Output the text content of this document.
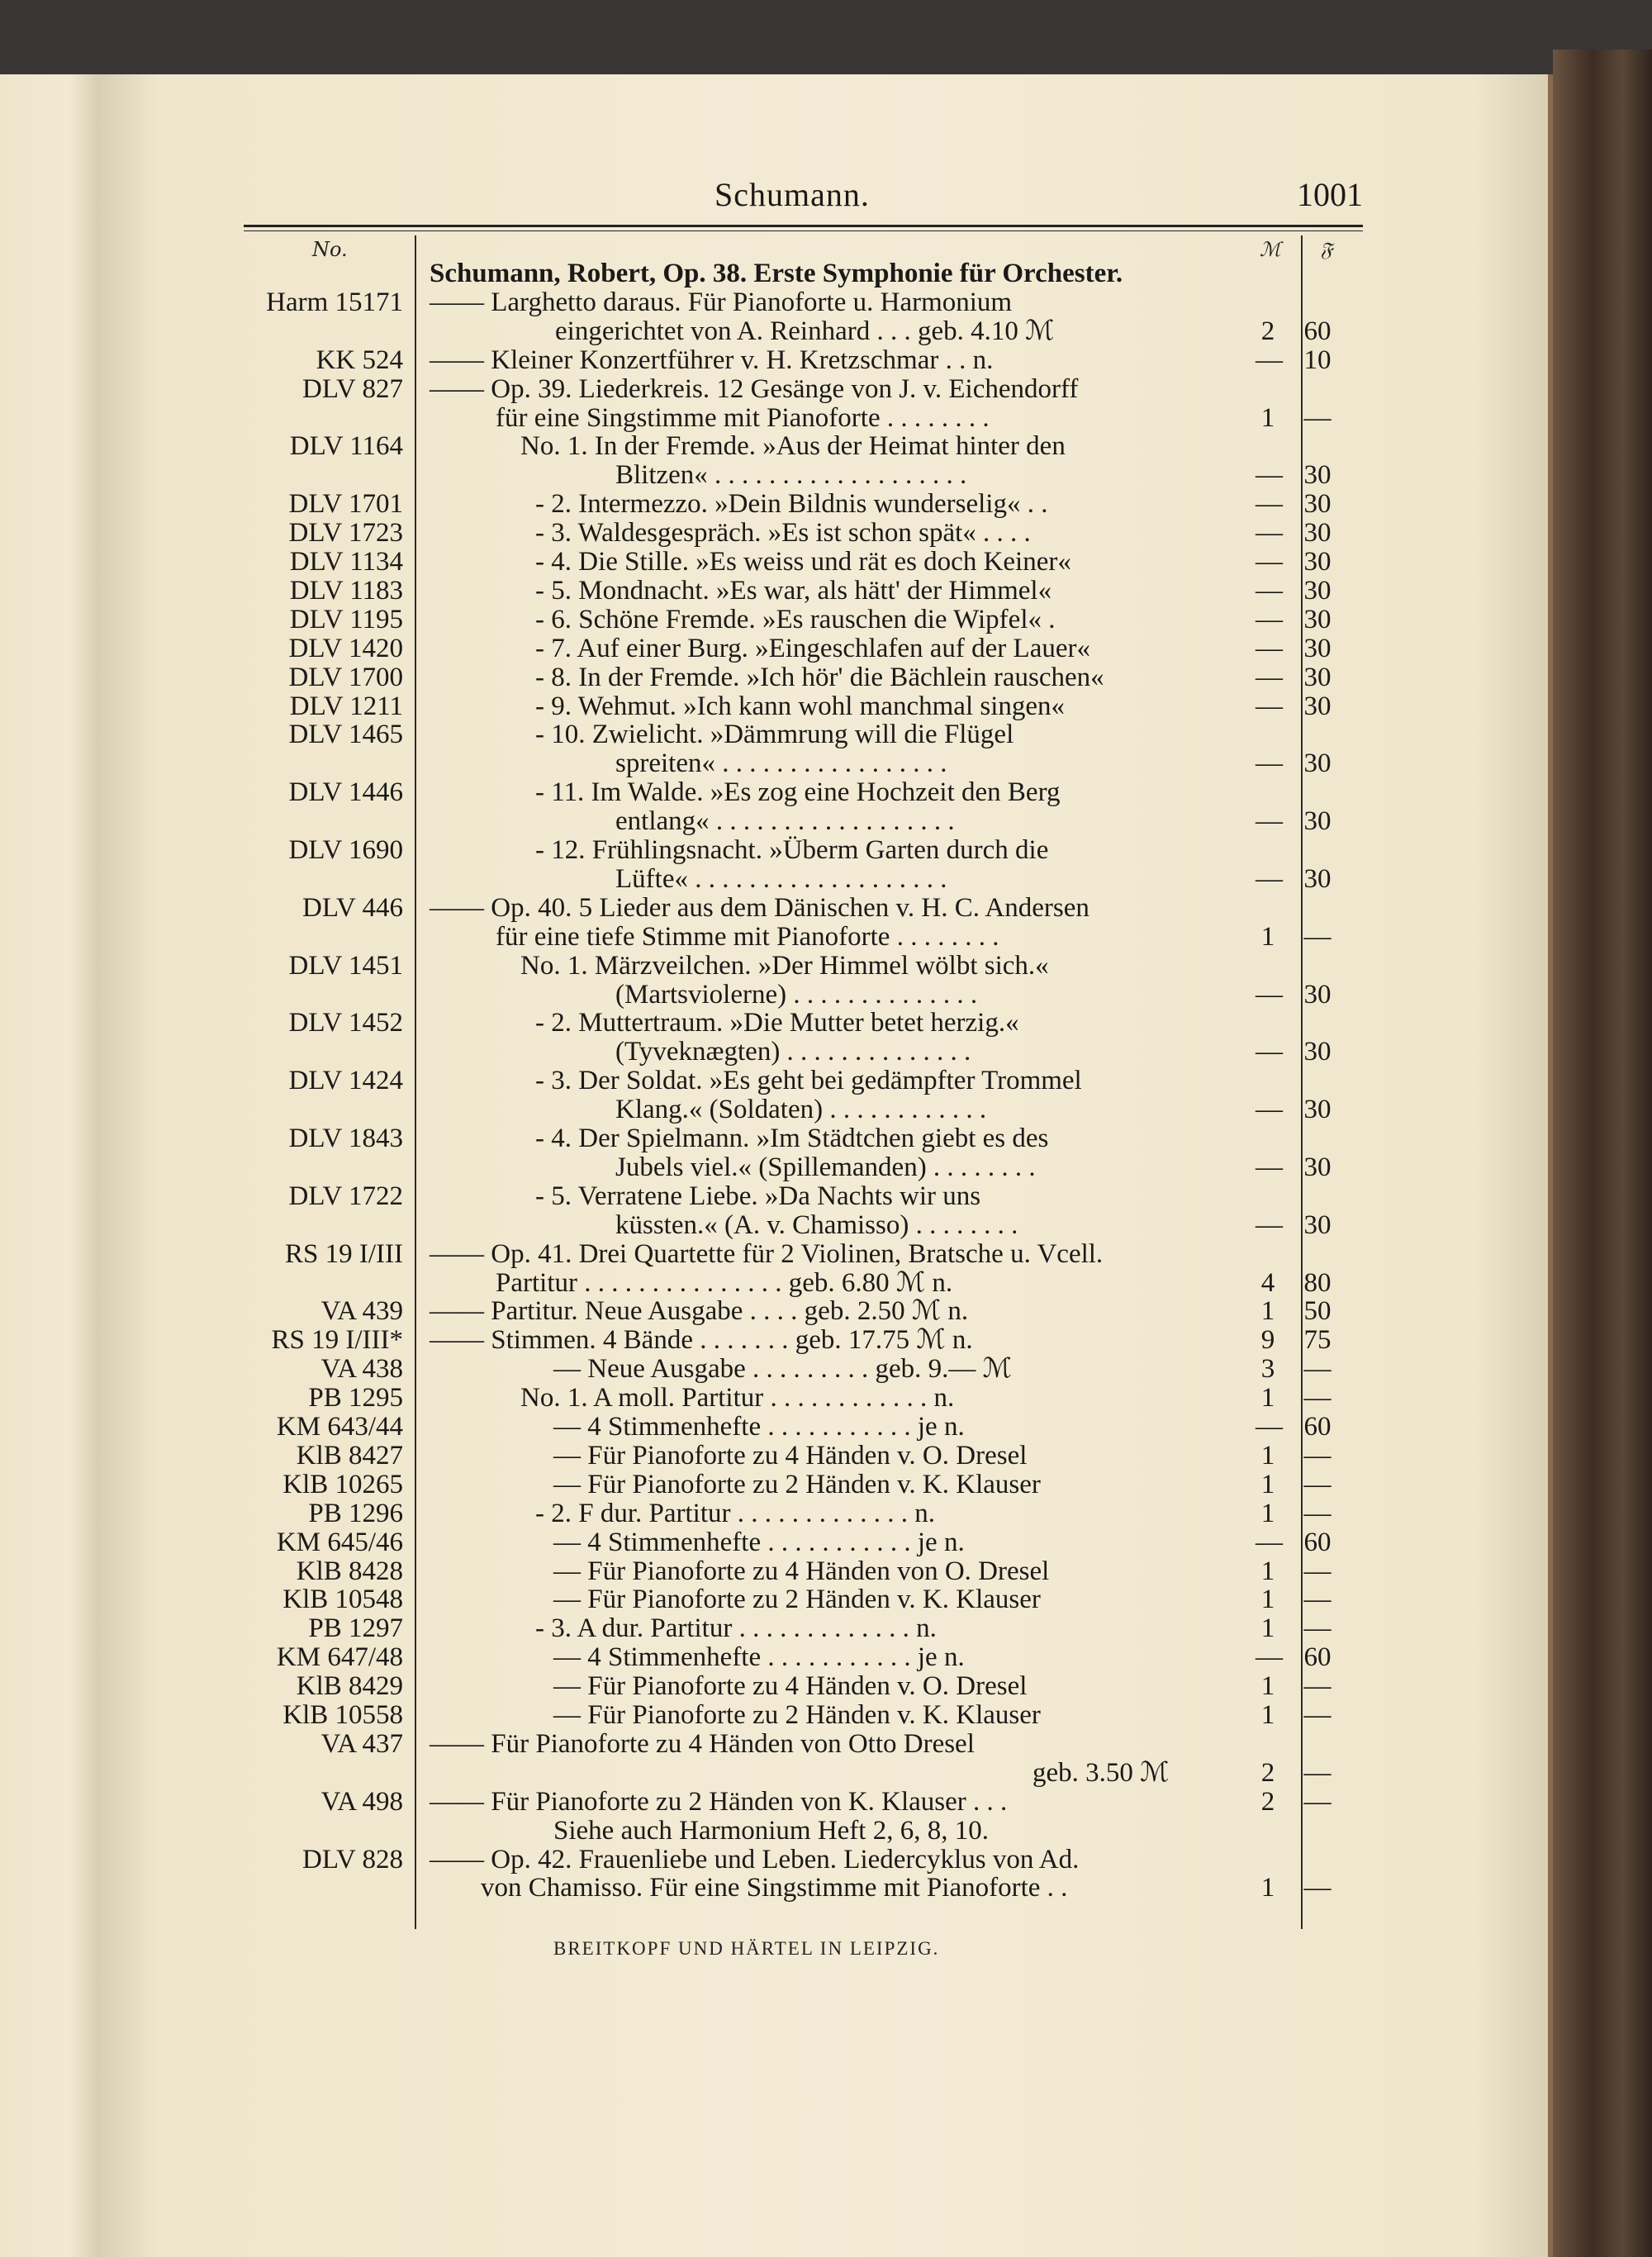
Schumann.	1001
No.	ℳ 𝔉
Schumann, Robert, Op. 38. Erste Symphonie für Orchester.
Harm 15171 —— Larghetto daraus. Für Pianoforte u. Harmonium
eingerichtet von A. Reinhard . . . geb. 4.10 ℳ	2	60
KK 524 —— Kleiner Konzertführer v. H. Kretzschmar . . n.	— 10
DLV 827 —— Op. 39. Liederkreis. 12 Gesänge von J. v. Eichendorff
für eine Singstimme mit Pianoforte . . . . . . . .	1	—
DLV 1164	No. 1. In der Fremde. »Aus der Heimat hinter den
Blitzen« . . . . . . . . . . . . . . . . . . .	— 30
DLV 1701	- 2. Intermezzo. »Dein Bildnis wunderselig« . .	— 30
DLV 1723	- 3. Waldesgespräch. »Es ist schon spät« . . . .	— 30
DLV 1134	- 4. Die Stille. »Es weiss und rät es doch Keiner«	— 30
DLV 1183	- 5. Mondnacht. »Es war, als hätt' der Himmel«	— 30
DLV 1195	- 6. Schöne Fremde. »Es rauschen die Wipfel« .	— 30
DLV 1420	- 7. Auf einer Burg. »Eingeschlafen auf der Lauer«	— 30
DLV 1700	- 8. In der Fremde. »Ich hör' die Bächlein rauschen«	— 30
DLV 1211	- 9. Wehmut. »Ich kann wohl manchmal singen«	— 30
DLV 1465	- 10. Zwielicht. »Dämmrung will die Flügel
spreiten« . . . . . . . . . . . . . . . . .	— 30
DLV 1446	- 11. Im Walde. »Es zog eine Hochzeit den Berg
entlang« . . . . . . . . . . . . . . . . . .	— 30
DLV 1690	- 12. Frühlingsnacht. »Überm Garten durch die
Lüfte« . . . . . . . . . . . . . . . . . . .	— 30
DLV 446 —— Op. 40. 5 Lieder aus dem Dänischen v. H. C. Andersen
für eine tiefe Stimme mit Pianoforte . . . . . . . .	1	—
DLV 1451	No. 1. Märzveilchen. »Der Himmel wölbt sich.«
(Martsviolerne) . . . . . . . . . . . . . .	— 30
DLV 1452	- 2. Muttertraum. »Die Mutter betet herzig.«
(Tyveknægten) . . . . . . . . . . . . . .	— 30
DLV 1424	- 3. Der Soldat. »Es geht bei gedämpfter Trommel
Klang.« (Soldaten) . . . . . . . . . . . .	— 30
DLV 1843	- 4. Der Spielmann. »Im Städtchen giebt es des
Jubels viel.« (Spillemanden) . . . . . . . .	— 30
DLV 1722	- 5. Verratene Liebe. »Da Nachts wir uns
küssten.« (A. v. Chamisso) . . . . . . . .	— 30
RS 19 I/III —— Op. 41. Drei Quartette für 2 Violinen, Bratsche u. Vcell.
Partitur . . . . . . . . . . . . . . . geb. 6.80 ℳ n.	4	80
VA 439 —— Partitur. Neue Ausgabe . . . . geb. 2.50 ℳ n.	1	50
RS 19 I/III* —— Stimmen. 4 Bände . . . . . . . geb. 17.75 ℳ n.	9	75
VA 438	— Neue Ausgabe . . . . . . . . . geb. 9.— ℳ	3	—
PB 1295	No. 1. A moll. Partitur . . . . . . . . . . . . n.	1	—
KM 643/44	— 4 Stimmenhefte . . . . . . . . . . . je n.	— 60
KlB 8427	— Für Pianoforte zu 4 Händen v. O. Dresel	1	—
KlB 10265	— Für Pianoforte zu 2 Händen v. K. Klauser	1	—
PB 1296	- 2. F dur. Partitur . . . . . . . . . . . . . n.	1	—
KM 645/46	— 4 Stimmenhefte . . . . . . . . . . . je n.	— 60
KlB 8428	— Für Pianoforte zu 4 Händen von O. Dresel	1	—
KlB 10548	— Für Pianoforte zu 2 Händen v. K. Klauser	1	—
PB 1297	- 3. A dur. Partitur . . . . . . . . . . . . . n.	1	—
KM 647/48	— 4 Stimmenhefte . . . . . . . . . . . je n.	— 60
KlB 8429	— Für Pianoforte zu 4 Händen v. O. Dresel	1	—
KlB 10558	— Für Pianoforte zu 2 Händen v. K. Klauser	1	—
VA 437 —— Für Pianoforte zu 4 Händen von Otto Dresel
geb. 3.50 ℳ	2	—
VA 498 —— Für Pianoforte zu 2 Händen von K. Klauser . . .	2	—
Siehe auch Harmonium Heft 2, 6, 8, 10.
DLV 828 —— Op. 42. Frauenliebe und Leben. Liedercyklus von Ad.
von Chamisso. Für eine Singstimme mit Pianoforte . .	1	—
BREITKOPF UND HÄRTEL IN LEIPZIG.
